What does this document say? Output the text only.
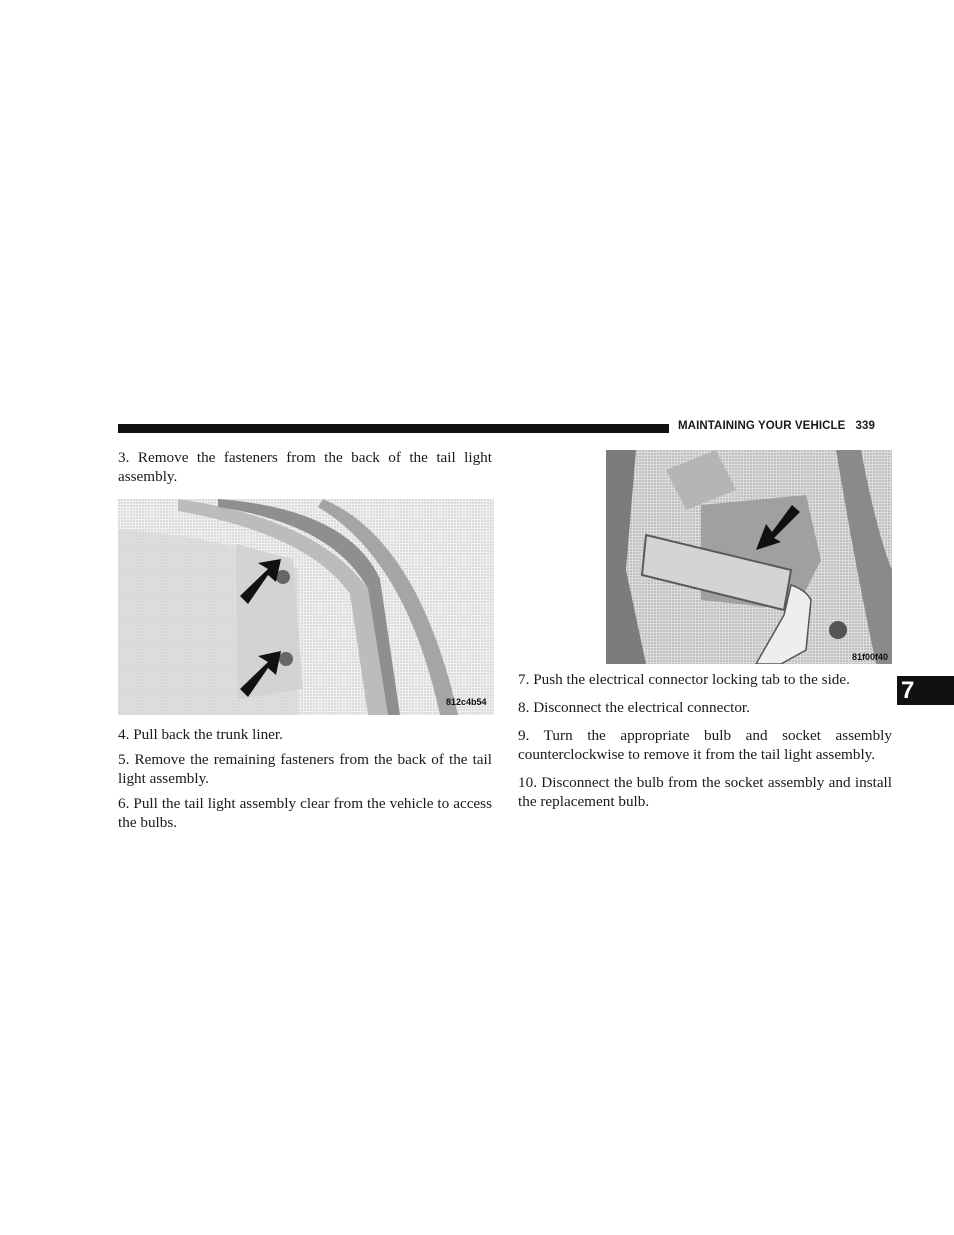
MAINTAINING YOUR VEHICLE 339

3. Remove the fasteners from the back of the tail light assembly.

812c4b54

4. Pull back the trunk liner.

5. Remove the remaining fasteners from the back of the tail light assembly.

6. Pull the tail light assembly clear from the vehicle to access the bulbs.

81f00f40

7. Push the electrical connector locking tab to the side.

8. Disconnect the electrical connector.

9. Turn the appropriate bulb and socket assembly counterclockwise to remove it from the tail light assembly.

10. Disconnect the bulb from the socket assembly and install the replacement bulb.

7
